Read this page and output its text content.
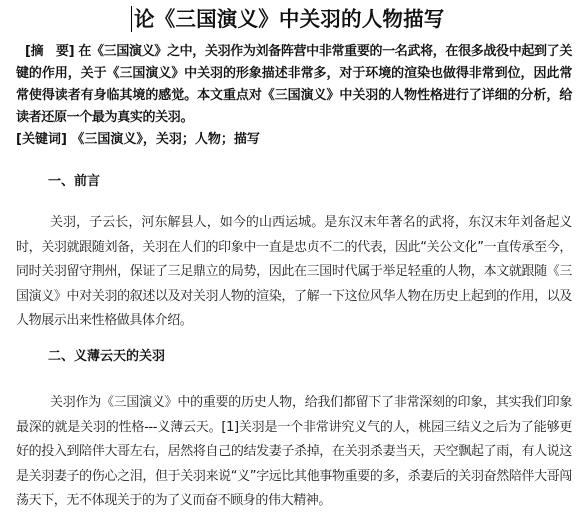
论《三国演义》中关羽的人物描写
[摘　要] 在《三国演义》之中，关羽作为刘备阵营中非常重要的一名武将，在很多战役中起到了关键的作用，关于《三国演义》中关羽的形象描述非常多，对于环境的渲染也做得非常到位，因此常常使得读者有身临其境的感觉。本文重点对《三国演义》中关羽的人物性格进行了详细的分析，给读者还原一个最为真实的关羽。
[关键词] 《三国演义》，关羽；人物；描写
一、前言
关羽，子云长，河东解县人，如今的山西运城。是东汉末年著名的武将，东汉末年刘备起义时，关羽就跟随刘备，关羽在人们的印象中一直是忠贞不二的代表，因此“关公文化”一直传承至今，同时关羽留守荆州，保证了三足鼎立的局势，因此在三国时代属于举足轻重的人物，本文就跟随《三国演义》中对关羽的叙述以及对关羽人物的渲染，了解一下这位风华人物在历史上起到的作用，以及人物展示出来性格做具体介绍。
二、义薄云天的关羽
关羽作为《三国演义》中的重要的历史人物，给我们都留下了非常深刻的印象，其实我们印象最深的就是关羽的性格---义薄云天。[1]关羽是一个非常讲究义气的人，桃园三结义之后为了能够更好的投入到陪伴大哥左右，居然将自己的结发妻子杀掉，在关羽杀妻当天，天空飘起了雨，有人说这是关羽妻子的伤心之泪，但于关羽来说“义”字远比其他事物重要的多，杀妻后的关羽奋然陪伴大哥闯荡天下，无不体现关于的为了义而奋不顾身的伟大精神。
